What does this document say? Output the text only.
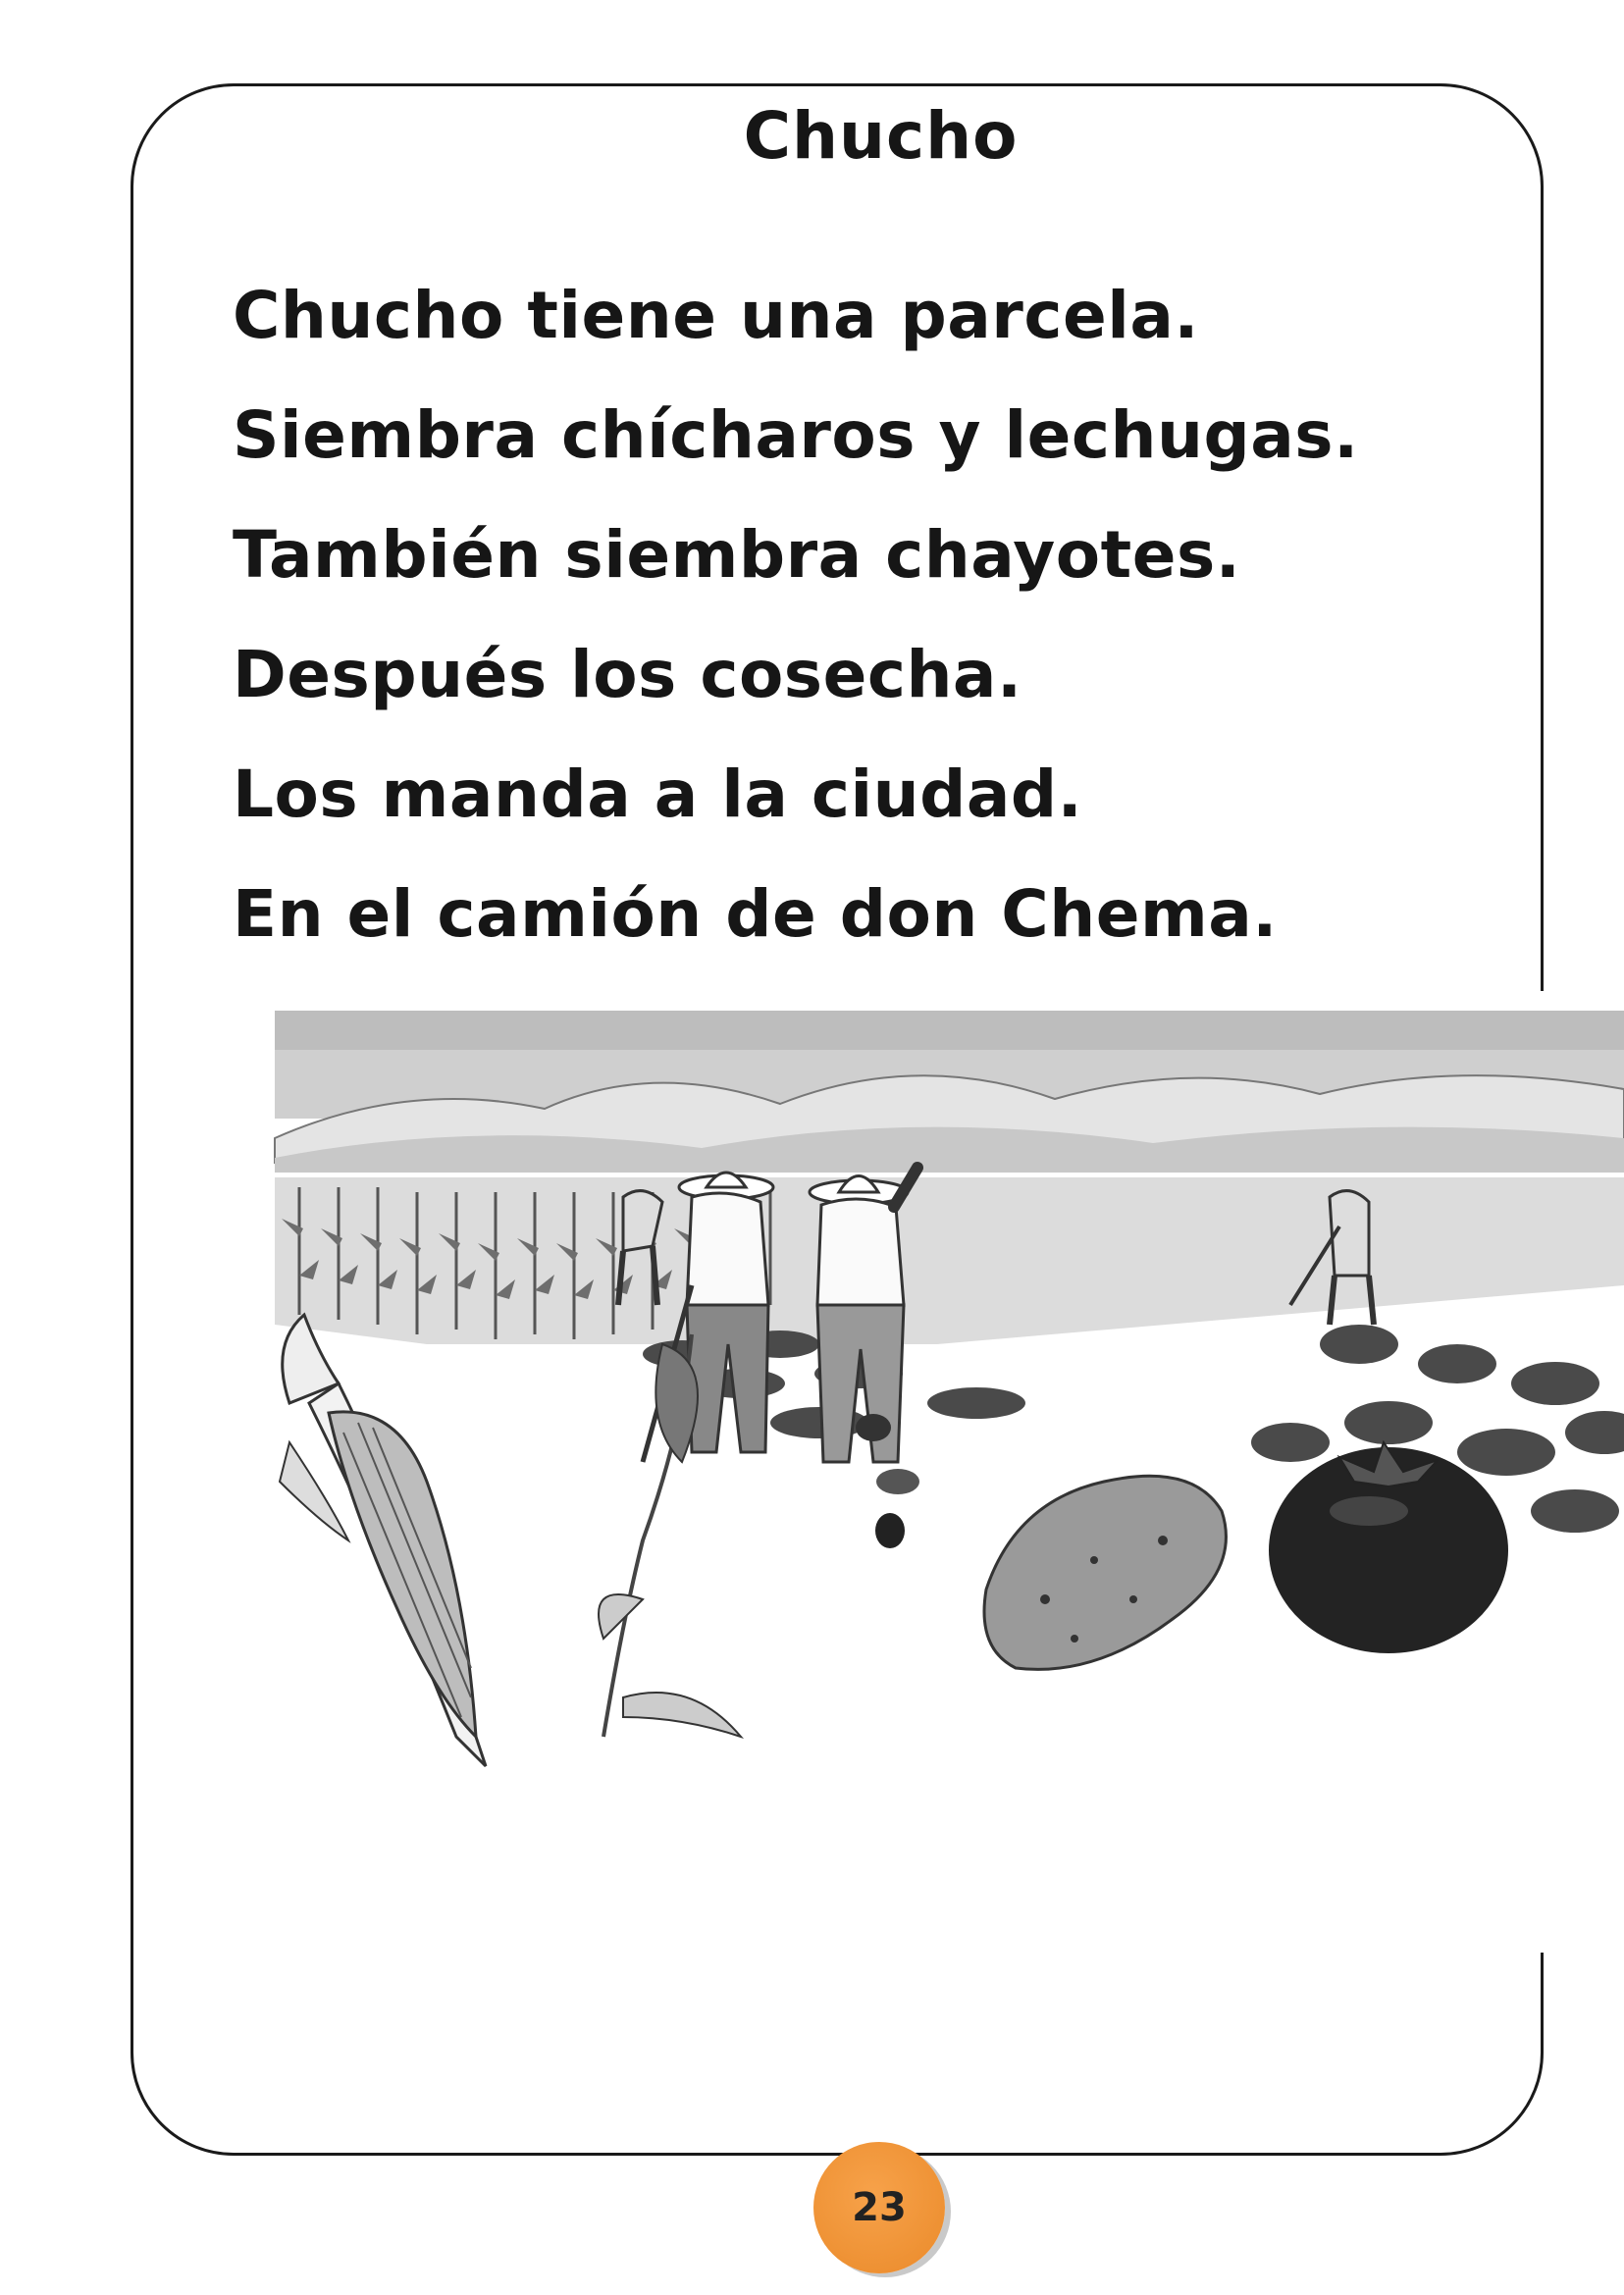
Chucho
Chucho tiene una parcela.
Siembra chícharos y lechugas.
También siembra chayotes.
Después los cosecha.
Los manda a la ciudad.
En el camión de don Chema.
23
